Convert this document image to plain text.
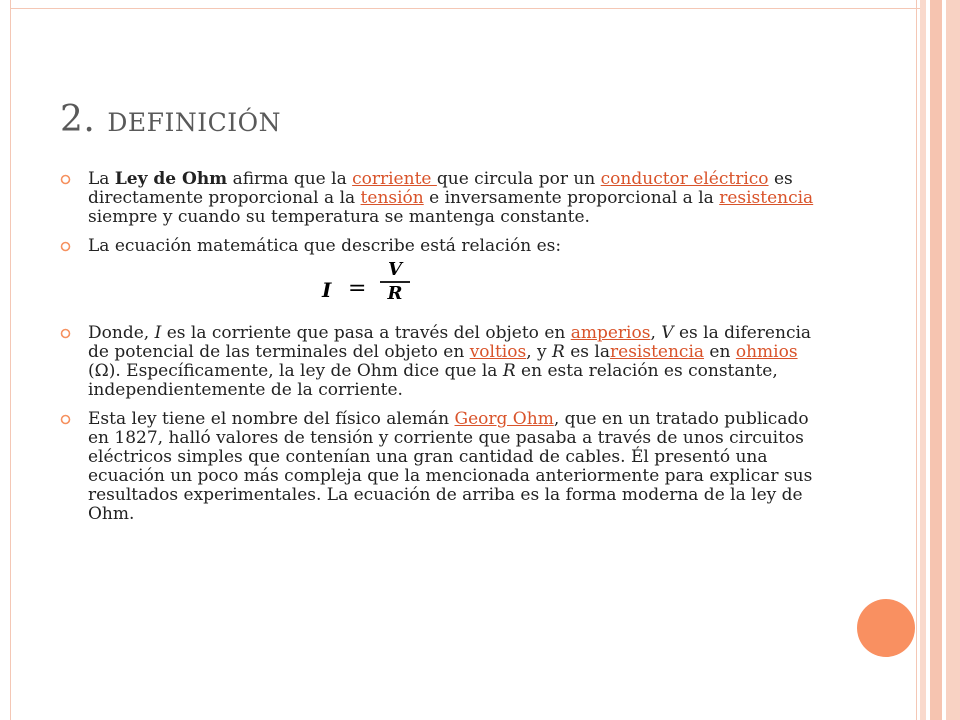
2. definición
La Ley de Ohm afirma que la corriente que circula por un conductor eléctrico es directamente proporcional a la tensión e inversamente proporcional a la resistencia siempre y cuando su temperatura se mantenga constante.
La ecuación matemática que describe está relación es:
I =
V
R
Donde, I es la corriente que pasa a través del objeto en amperios, V es la diferencia de potencial de las terminales del objeto en voltios, y R es laresistencia en ohmios (Ω). Específicamente, la ley de Ohm dice que la R en esta relación es constante, independientemente de la corriente.
Esta ley tiene el nombre del físico alemán Georg Ohm, que en un tratado publicado en 1827, halló valores de tensión y corriente que pasaba a través de unos circuitos eléctricos simples que contenían una gran cantidad de cables. Él presentó una ecuación un poco más compleja que la mencionada anteriormente para explicar sus resultados experimentales. La ecuación de arriba es la forma moderna de la ley de Ohm.
